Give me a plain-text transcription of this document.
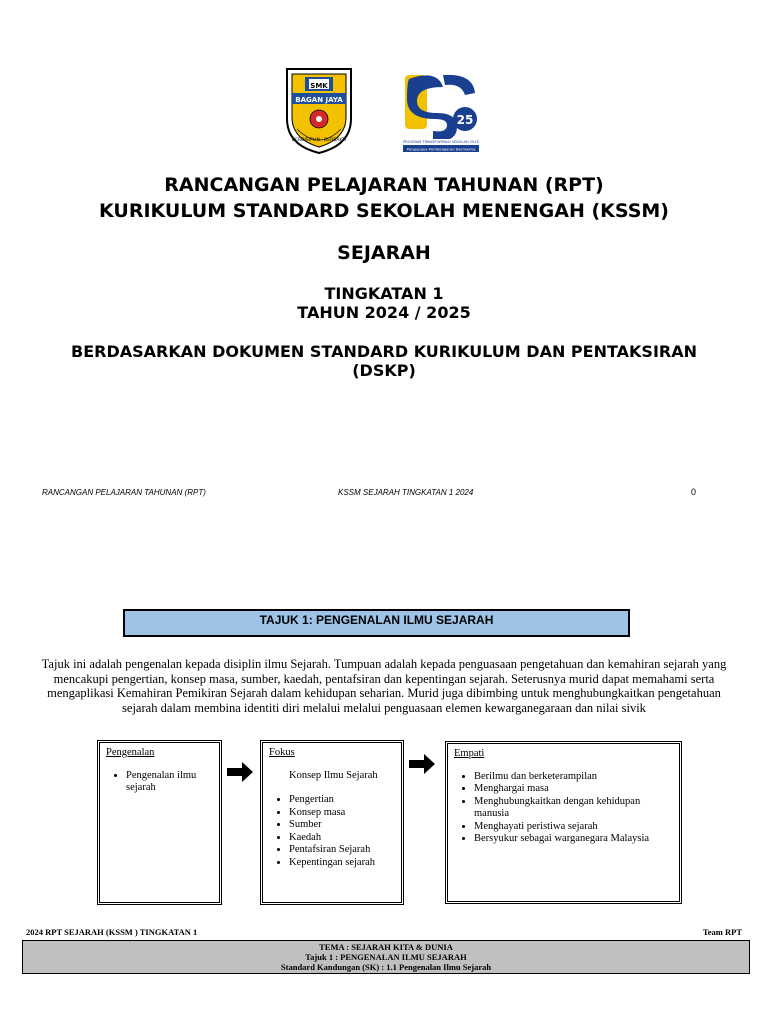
SMK
BAGAN JAYA
BERDISIPLIN · BERBAKTI
25
PROGRAM TRANSFORMASI SEKOLAH 2025
Pengupaya Pembelajaran Bermakna
RANCANGAN PELAJARAN TAHUNAN (RPT)
KURIKULUM STANDARD SEKOLAH MENENGAH (KSSM)
SEJARAH
TINGKATAN 1
TAHUN 2024 / 2025
BERDASARKAN DOKUMEN STANDARD KURIKULUM DAN PENTAKSIRAN
(DSKP)
RANCANGAN PELAJARAN TAHUNAN (RPT)	KSSM SEJARAH TINGKATAN 1 2024	0
TAJUK 1: PENGENALAN ILMU SEJARAH
Tajuk ini adalah pengenalan kepada disiplin ilmu Sejarah. Tumpuan adalah kepada penguasaan pengetahuan dan kemahiran sejarah yang mencakupi pengertian, konsep masa, sumber, kaedah, pentafsiran dan kepentingan sejarah. Seterusnya murid dapat memahami serta mengaplikasi Kemahiran Pemikiran Sejarah dalam kehidupan seharian. Murid juga dibimbing untuk menghubungkaitkan pengetahuan sejarah dalam membina identiti diri melalui melalui penguasaan elemen kewarganegaraan dan nilai sivik
Pengenalan
• Pengenalan ilmu sejarah
Fokus
Konsep Ilmu Sejarah
• Pengertian
• Konsep masa
• Sumber
• Kaedah
• Pentafsiran Sejarah
• Kepentingan sejarah
Empati
• Berilmu dan berketerampilan
• Menghargai masa
• Menghubungkaitkan dengan kehidupan manusia
• Menghayati peristiwa sejarah
• Bersyukur sebagai warganegara Malaysia
2024 RPT SEJARAH (KSSM ) TINGKATAN 1	Team RPT
TEMA : SEJARAH KITA & DUNIA
Tajuk 1 : PENGENALAN ILMU SEJARAH
Standard Kandungan (SK) : 1.1 Pengenalan Ilmu Sejarah
